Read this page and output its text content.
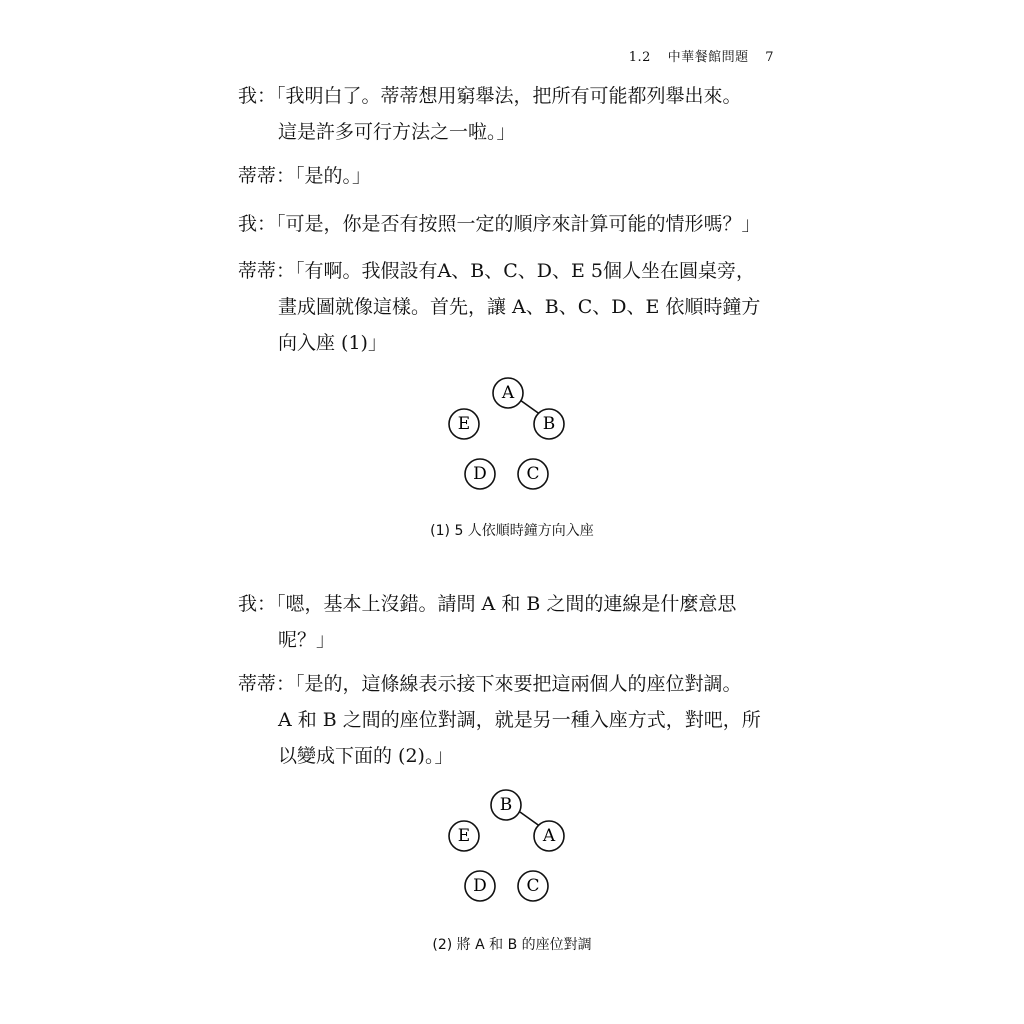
1.2 中華餐館問題 7
我：「我明白了。蒂蒂想用窮舉法，把所有可能都列舉出來。
這是許多可行方法之一啦。」
蒂蒂：「是的。」
我：「可是，你是否有按照一定的順序來計算可能的情形嗎？」
蒂蒂：「有啊。我假設有A、B、C、D、E 5個人坐在圓桌旁，
畫成圖就像這樣。首先，讓 A、B、C、D、E 依順時鐘方
向入座 (1)」
A
B
E
D C
(1) 5 人依順時鐘方向入座
我：「嗯，基本上沒錯。請問 A 和 B 之間的連線是什麼意思
呢？」
蒂蒂：「是的，這條線表示接下來要把這兩個人的座位對調。
A 和 B 之間的座位對調，就是另一種入座方式，對吧，所
以變成下面的 (2)。」
B
A
E
D C
(2) 將 A 和 B 的座位對調
